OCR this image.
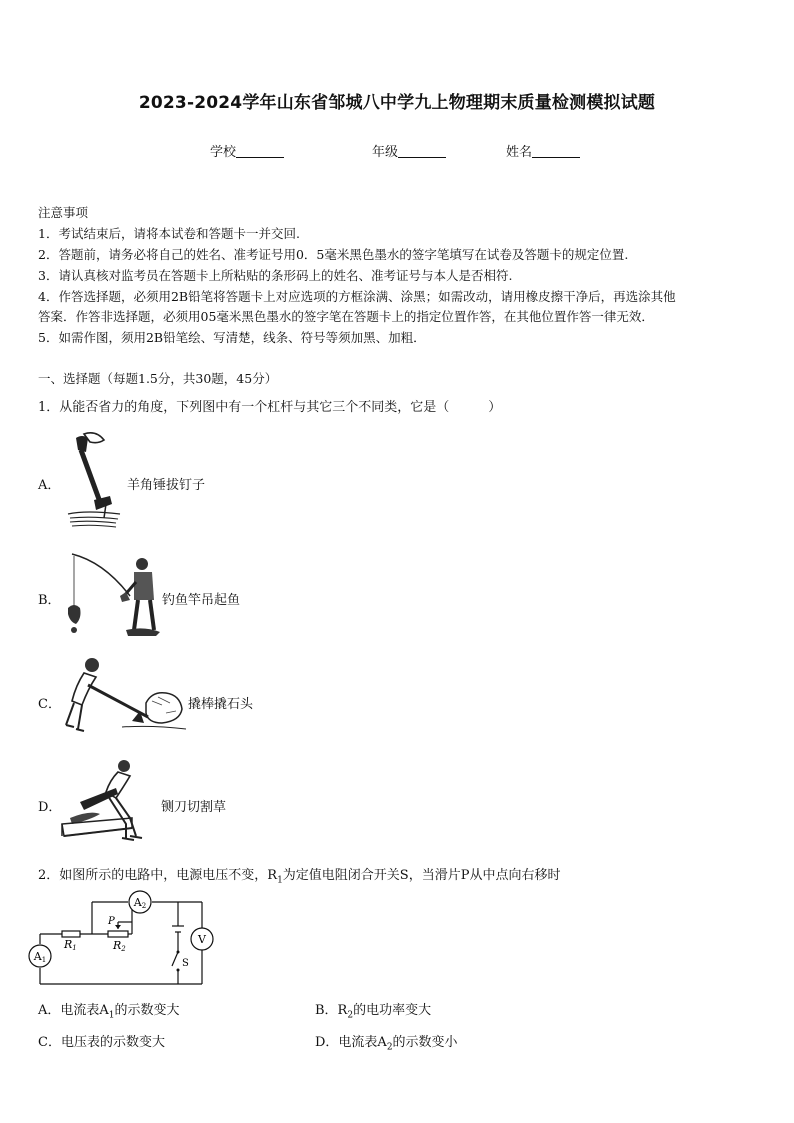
2023-2024学年山东省邹城八中学九上物理期末质量检测模拟试题
学校	年级	姓名
注意事项
1．考试结束后，请将本试卷和答题卡一并交回.
2．答题前，请务必将自己的姓名、准考证号用0．5毫米黑色墨水的签字笔填写在试卷及答题卡的规定位置.
3．请认真核对监考员在答题卡上所粘贴的条形码上的姓名、准考证号与本人是否相符.
4．作答选择题，必须用2B铅笔将答题卡上对应选项的方框涂满、涂黑；如需改动，请用橡皮擦干净后，再选涂其他
答案．作答非选择题，必须用05毫米黑色墨水的签字笔在答题卡上的指定位置作答，在其他位置作答一律无效．
5．如需作图，须用2B铅笔绘、写清楚，线条、符号等须加黑、加粗．
一、选择题（每题1.5分，共30题，45分）
1．从能否省力的角度，下列图中有一个杠杆与其它三个不同类，它是（　　　）
A．	羊角锤拔钉子
B．	钓鱼竿吊起鱼
C．	撬棒撬石头
D．	铡刀切割草
2．如图所示的电路中，电源电压不变，$R_1$为定值电阻闭合开关S，当滑片P从中点向右移时
A2
A1
V
R1	R2
P
S
A．电流表$A_1$的示数变大	B．$R_2$的电功率变大
C．电压表的示数变大	D．电流表$A_2$的示数变小
